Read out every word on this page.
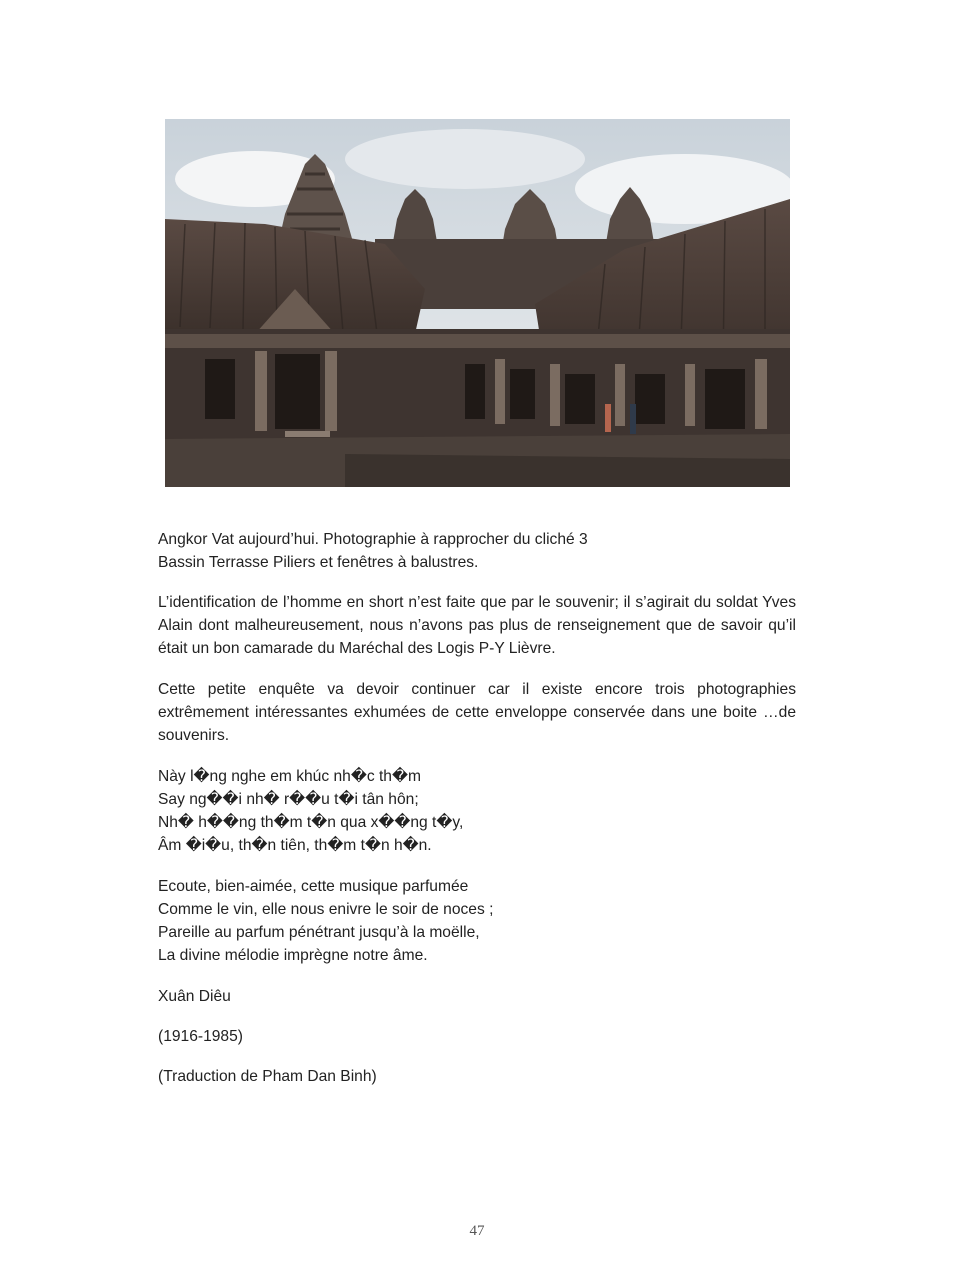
Angkor Vat aujourd’hui. Photographie à rapprocher du cliché 3
Bassin Terrasse Piliers et fenêtres à balustres.

L’identification de l’homme en short n’est faite que par le souvenir; il s’agirait du soldat Yves Alain dont malheureusement, nous n’avons pas plus de renseignement que de savoir qu’il était un bon camarade du Maréchal des Logis P-Y Lièvre.

Cette petite enquête va devoir continuer car il existe encore trois photographies extrêmement intéressantes exhumées de cette enveloppe conservée dans une boite …de souvenirs.

Này l�ng nghe em khúc nh�c th�m
Say ng��i nh� r��u t�i tân hôn;
Nh� h��ng th�m t�n qua x��ng t�y,
Âm �i�u, th�n tiên, th�m t�n h�n.
Ecoute, bien-aimée, cette musique parfumée
Comme le vin, elle nous enivre le soir de noces ;
Pareille au parfum pénétrant jusqu’à la moëlle,
La divine mélodie imprègne notre âme.
Xuân Diêu
(1916-1985)
(Traduction de Pham Dan Binh)
47
